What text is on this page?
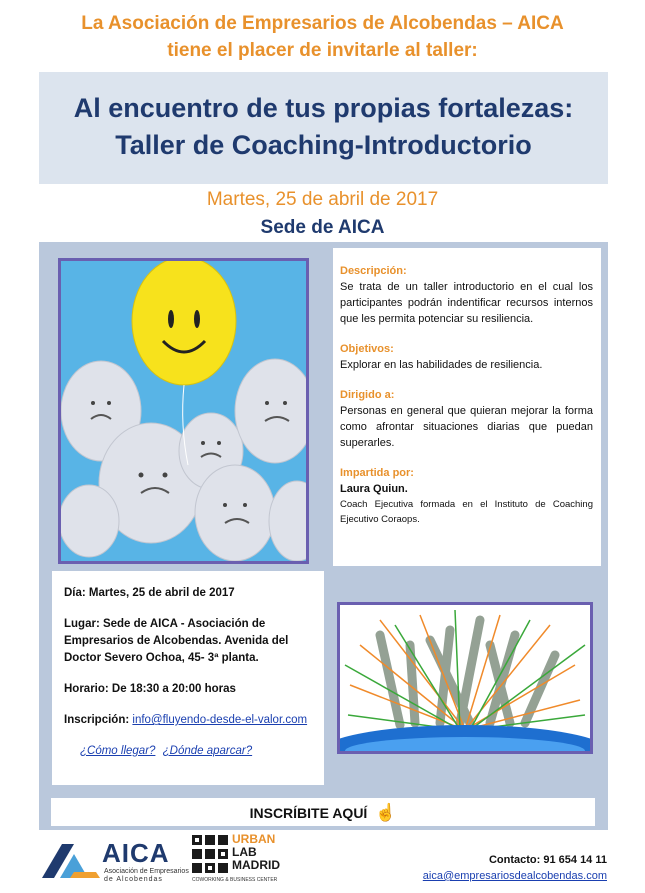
La Asociación de Empresarios de Alcobendas – AICA
tiene el placer de invitarle al taller:
Al encuentro de tus propias fortalezas:
Taller de Coaching-Introductorio
Martes, 25 de abril de 2017
Sede de AICA
Descripción:
Se trata de un taller introductorio en el cual los participantes podrán indentificar recursos internos que les permita potenciar su resiliencia.
Objetivos:
Explorar en las habilidades de resiliencia.
Dirigido a:
Personas en general que quieran mejorar la forma como afrontar situaciones diarias que puedan superarles.
Impartida por:
Laura Quiun.
Coach Ejecutiva formada en el Instituto de Coaching Ejecutivo Coraops.
Día: Martes, 25 de abril de 2017
Lugar: Sede de AICA - Asociación de Empresarios de Alcobendas. Avenida del Doctor Severo Ochoa, 45- 3ª planta.
Horario: De 18:30 a 20:00 horas
Inscripción: info@fluyendo-desde-el-valor.com
¿Cómo llegar? ¿Dónde aparcar?
INSCRÍBITE AQUÍ ☝
AICA
Asociación de Empresarios
de Alcobendas
URBAN
LAB
MADRID
COWORKING & BUSINESS CENTER
Contacto: 91 654 14 11
aica@empresariosdealcobendas.com
